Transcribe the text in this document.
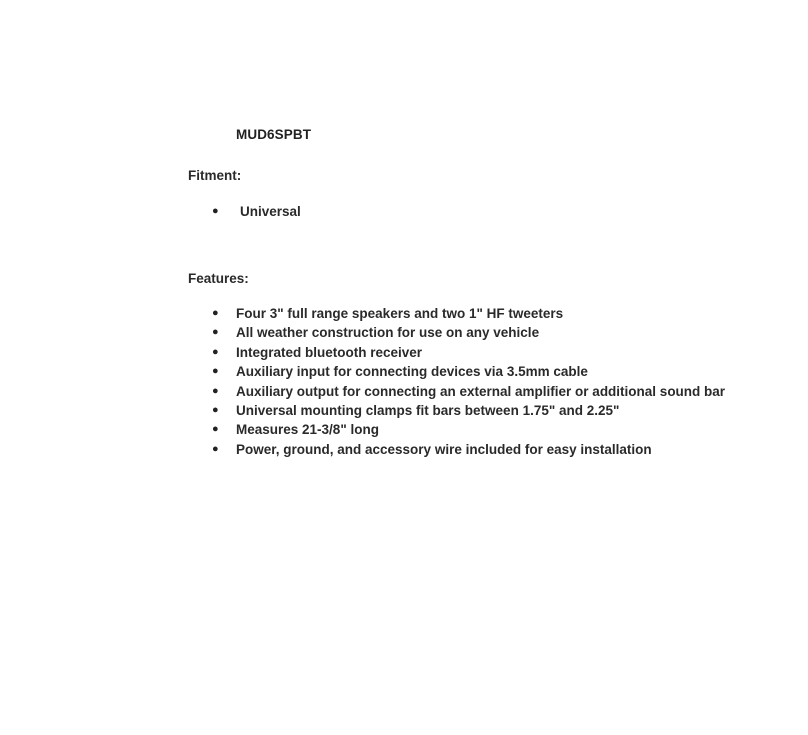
MUD6SPBT
Fitment:
● Universal
Features:
● Four 3" full range speakers and two 1" HF tweeters
● All weather construction for use on any vehicle
● Integrated bluetooth receiver
● Auxiliary input for connecting devices via 3.5mm cable
● Auxiliary output for connecting an external amplifier or additional sound bar
● Universal mounting clamps fit bars between 1.75" and 2.25"
● Measures 21-3/8" long
● Power, ground, and accessory wire included for easy installation
